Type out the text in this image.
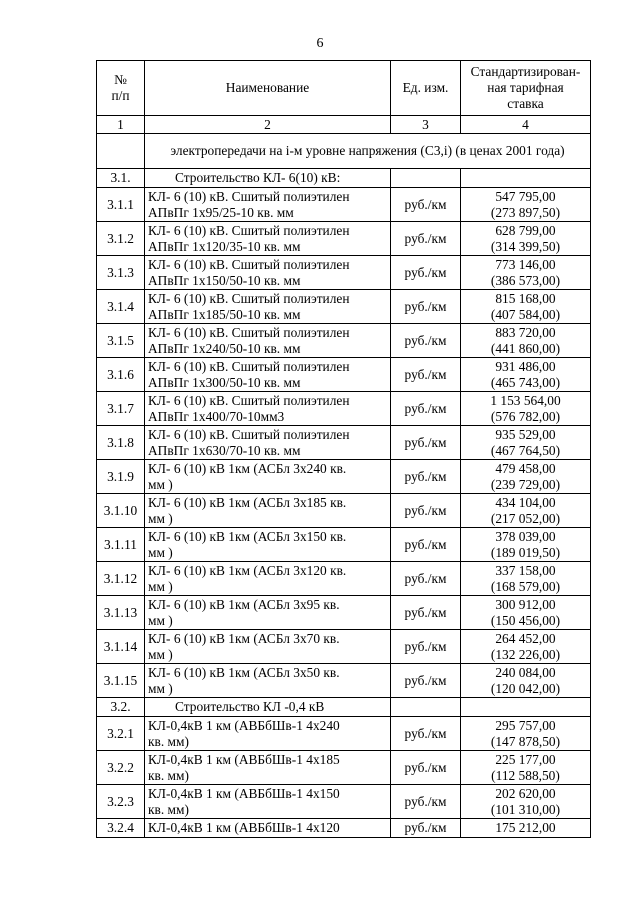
6
№
п/п	Наименование	Ед. изм.	Стандартизирован-
ная тарифная
ставка
1	2	3	4
	электропередачи на i-м уровне напряжения (С3,i) (в ценах 2001 года)		
3.1.	Строительство КЛ- 6(10) кВ:		
3.1.1	КЛ- 6 (10) кВ. Сшитый полиэтилен
АПвПг 1х95/25-10 кв. мм	руб./км	547 795,00
(273 897,50)
3.1.2	КЛ- 6 (10) кВ. Сшитый полиэтилен
АПвПг 1х120/35-10 кв. мм	руб./км	628 799,00
(314 399,50)
3.1.3	КЛ- 6 (10) кВ. Сшитый полиэтилен
АПвПг 1х150/50-10 кв. мм	руб./км	773 146,00
(386 573,00)
3.1.4	КЛ- 6 (10) кВ. Сшитый полиэтилен
АПвПг 1х185/50-10 кв. мм	руб./км	815 168,00
(407 584,00)
3.1.5	КЛ- 6 (10) кВ. Сшитый полиэтилен
АПвПг 1х240/50-10 кв. мм	руб./км	883 720,00
(441 860,00)
3.1.6	КЛ- 6 (10) кВ. Сшитый полиэтилен
АПвПг 1х300/50-10 кв. мм	руб./км	931 486,00
(465 743,00)
3.1.7	КЛ- 6 (10) кВ. Сшитый полиэтилен
АПвПг 1х400/70-10мм3	руб./км	1 153 564,00
(576 782,00)
3.1.8	КЛ- 6 (10) кВ. Сшитый полиэтилен
АПвПг 1х630/70-10 кв. мм	руб./км	935 529,00
(467 764,50)
3.1.9	КЛ- 6 (10) кВ 1км (АСБл 3х240 кв.
мм )	руб./км	479 458,00
(239 729,00)
3.1.10	КЛ- 6 (10) кВ 1км (АСБл 3х185 кв.
мм )	руб./км	434 104,00
(217 052,00)
3.1.11	КЛ- 6 (10) кВ 1км (АСБл 3х150 кв.
мм )	руб./км	378 039,00
(189 019,50)
3.1.12	КЛ- 6 (10) кВ 1км (АСБл 3х120 кв.
мм )	руб./км	337 158,00
(168 579,00)
3.1.13	КЛ- 6 (10) кВ 1км (АСБл 3х95 кв.
мм )	руб./км	300 912,00
(150 456,00)
3.1.14	КЛ- 6 (10) кВ 1км (АСБл 3х70 кв.
мм )	руб./км	264 452,00
(132 226,00)
3.1.15	КЛ- 6 (10) кВ 1км (АСБл 3х50 кв.
мм )	руб./км	240 084,00
(120 042,00)
3.2.	Строительство КЛ -0,4 кВ		
3.2.1	КЛ-0,4кВ 1 км (АВБбШв-1 4х240
кв. мм)	руб./км	295 757,00
(147 878,50)
3.2.2	КЛ-0,4кВ 1 км (АВБбШв-1 4х185
кв. мм)	руб./км	225 177,00
(112 588,50)
3.2.3	КЛ-0,4кВ 1 км (АВБбШв-1 4х150
кв. мм)	руб./км	202 620,00
(101 310,00)
3.2.4	КЛ-0,4кВ 1 км (АВБбШв-1 4х120	руб./км	175 212,00
